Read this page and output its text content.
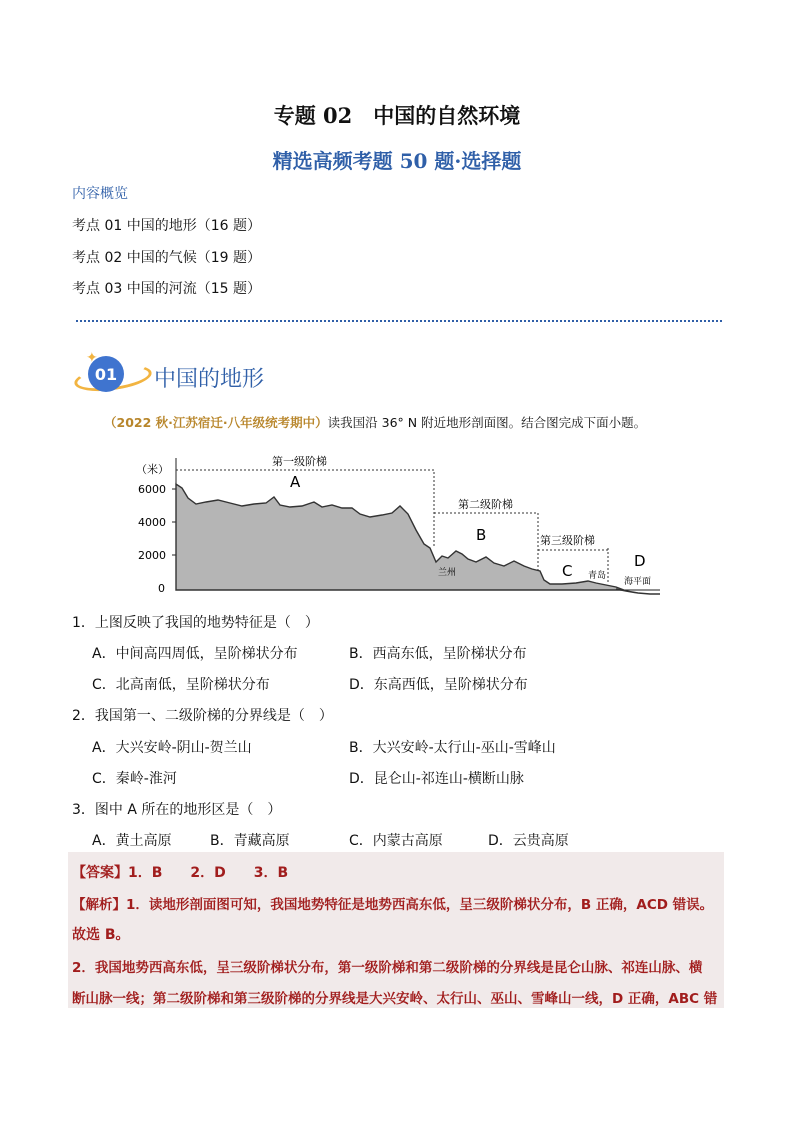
专题 02　中国的自然环境
精选高频考题 50 题·选择题
内容概览
考点 01 中国的地形（16 题）
考点 02 中国的气候（19 题）
考点 03 中国的河流（15 题）
01
✦
中国的地形
（2022 秋·江苏宿迁·八年级统考期中）读我国沿 36° N 附近地形剖面图。结合图完成下面小题。
（米）
6000
4000
2000
0
第一级阶梯
第二级阶梯
第三级阶梯
A
B
C
D
兰州	青岛
海平面
1．上图反映了我国的地势特征是（　）
A．中间高四周低，呈阶梯状分布	B．西高东低，呈阶梯状分布
C．北高南低，呈阶梯状分布	D．东高西低，呈阶梯状分布
2．我国第一、二级阶梯的分界线是（　）
A．大兴安岭-阴山-贺兰山	B．大兴安岭-太行山-巫山-雪峰山
C．秦岭-淮河	D．昆仑山-祁连山-横断山脉
3．图中 A 所在的地形区是（　）
A．黄土高原	B．青藏高原	C．内蒙古高原	D．云贵高原
【答案】1．B　　2．D　　3．B
【解析】1．读地形剖面图可知，我国地势特征是地势西高东低，呈三级阶梯状分布，B 正确，ACD 错误。
故选 B。
2．我国地势西高东低，呈三级阶梯状分布，第一级阶梯和第二级阶梯的分界线是昆仑山脉、祁连山脉、横
断山脉一线；第二级阶梯和第三级阶梯的分界线是大兴安岭、太行山、巫山、雪峰山一线，D 正确，ABC 错
